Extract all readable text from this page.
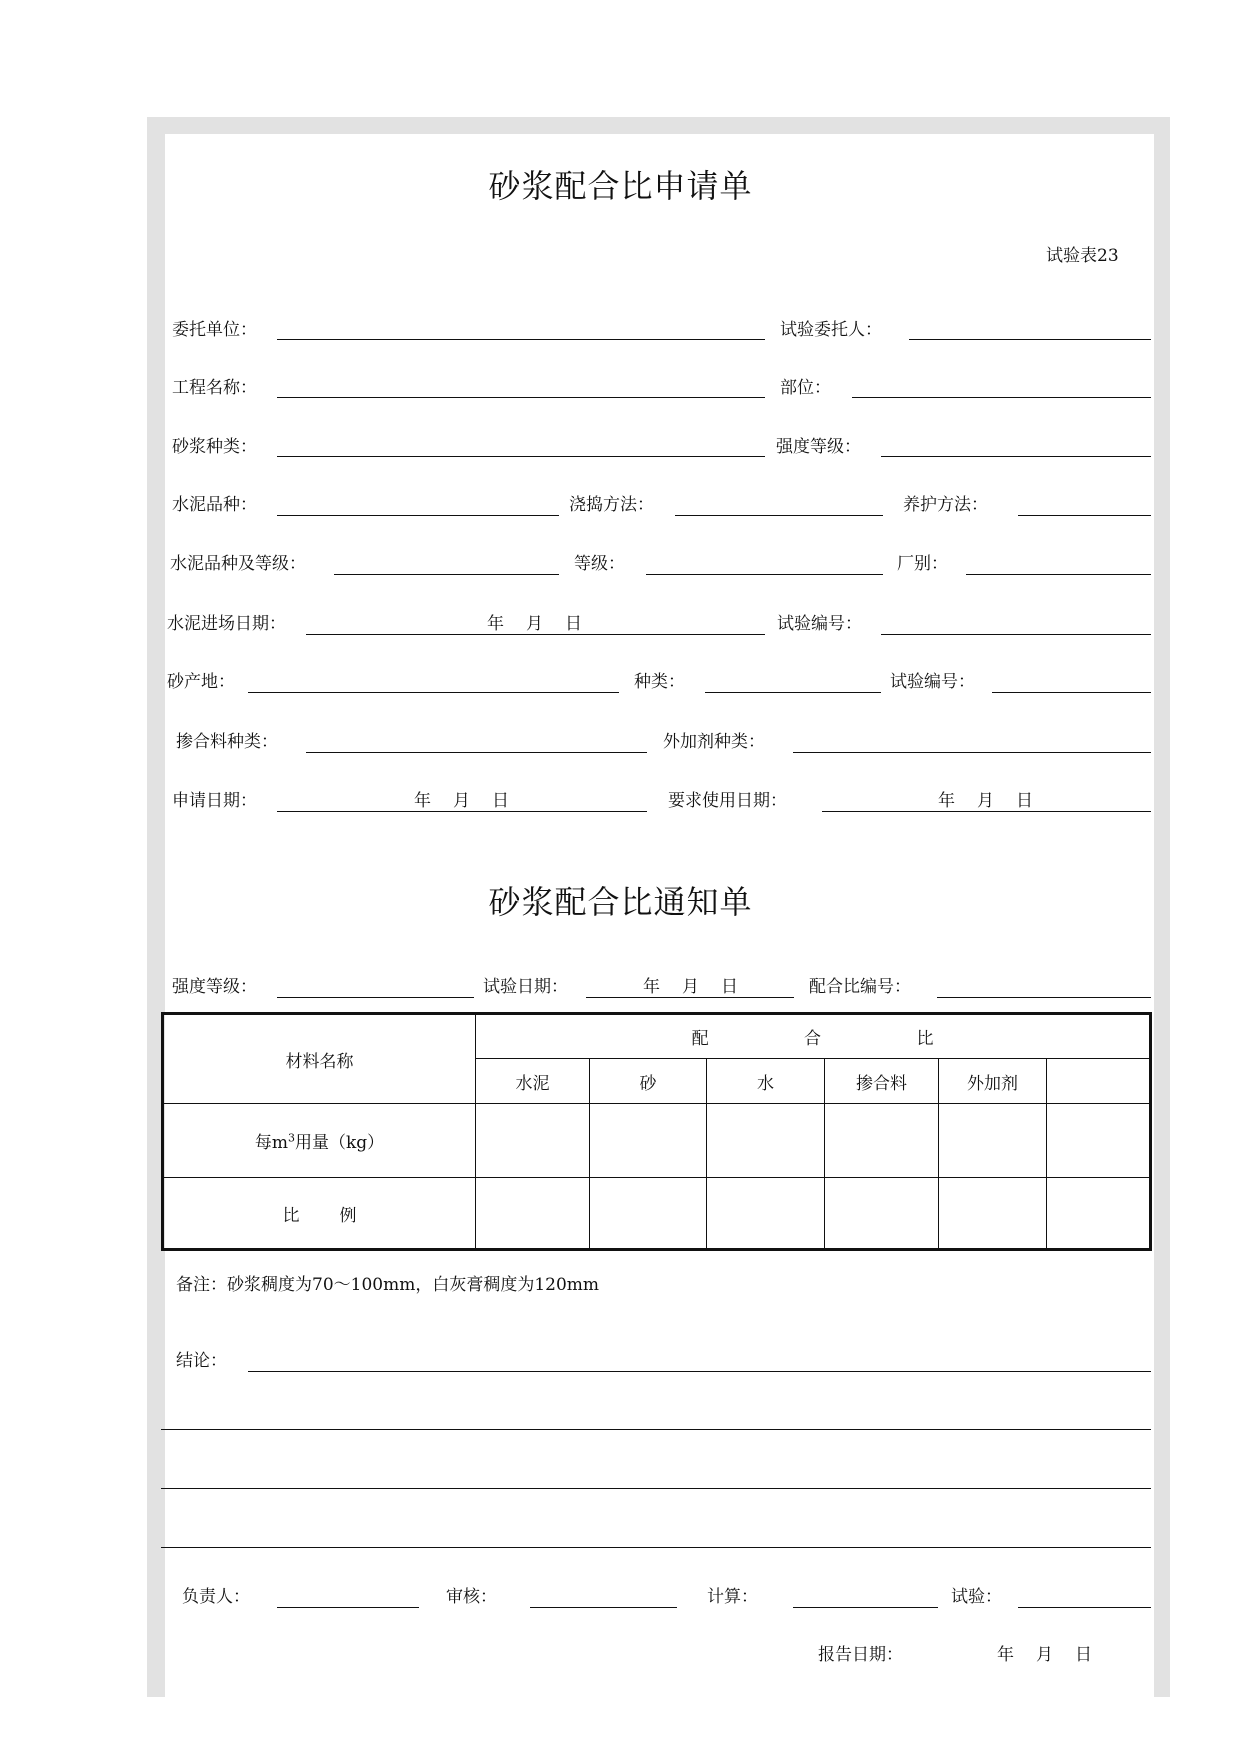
砂浆配合比申请单
试验表23
委托单位：	试验委托人：
工程名称：	部位：
砂浆种类：	强度等级：
水泥品种：	浇捣方法：	养护方法：
水泥品种及等级：	等级：	厂别：
水泥进场日期：	年 月 日	试验编号：
砂产地：	种类：	试验编号：
掺合料种类：	外加剂种类：
申请日期：	年 月 日	要求使用日期：	年 月 日
砂浆配合比通知单
强度等级：	试验日期：	年 月 日	配合比编号：
材料名称	配 合 比					
	水泥	砂	水	掺合料	外加剂	
每$m^3$用量（kg）						
比 例						
备注：砂浆稠度为70～100mm，白灰膏稠度为120mm
结论：
负责人：	审核：	计算：	试验：
报告日期：	年 月 日
